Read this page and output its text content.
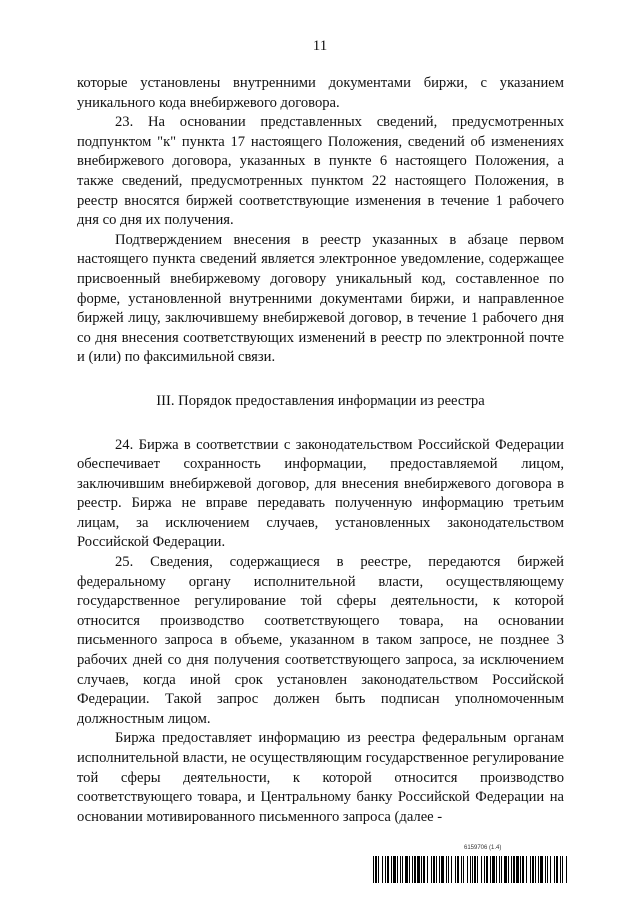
11

которые установлены внутренними документами биржи, с указанием уникального кода внебиржевого договора.

23. На основании представленных сведений, предусмотренных подпунктом "к" пункта 17 настоящего Положения, сведений об изменениях внебиржевого договора, указанных в пункте 6 настоящего Положения, а также сведений, предусмотренных пунктом 22 настоящего Положения, в реестр вносятся биржей соответствующие изменения в течение 1 рабочего дня со дня их получения.

Подтверждением внесения в реестр указанных в абзаце первом настоящего пункта сведений является электронное уведомление, содержащее присвоенный внебиржевому договору уникальный код, составленное по форме, установленной внутренними документами биржи, и направленное биржей лицу, заключившему внебиржевой договор, в течение 1 рабочего дня со дня внесения соответствующих изменений в реестр по электронной почте и (или) по факсимильной связи.

III. Порядок предоставления информации из реестра

24. Биржа в соответствии с законодательством Российской Федерации обеспечивает сохранность информации, предоставляемой лицом, заключившим внебиржевой договор, для внесения внебиржевого договора в реестр. Биржа не вправе передавать полученную информацию третьим лицам, за исключением случаев, установленных законодательством Российской Федерации.

25. Сведения, содержащиеся в реестре, передаются биржей федеральному органу исполнительной власти, осуществляющему государственное регулирование той сферы деятельности, к которой относится производство соответствующего товара, на основании письменного запроса в объеме, указанном в таком запросе, не позднее 3 рабочих дней со дня получения соответствующего запроса, за исключением случаев, когда иной срок установлен законодательством Российской Федерации. Такой запрос должен быть подписан уполномоченным должностным лицом.

Биржа предоставляет информацию из реестра федеральным органам исполнительной власти, не осуществляющим государственное регулирование той сферы деятельности, к которой относится производство соответствующего товара, и Центральному банку Российской Федерации на основании мотивированного письменного запроса (далее -

6159706 (1.4)
